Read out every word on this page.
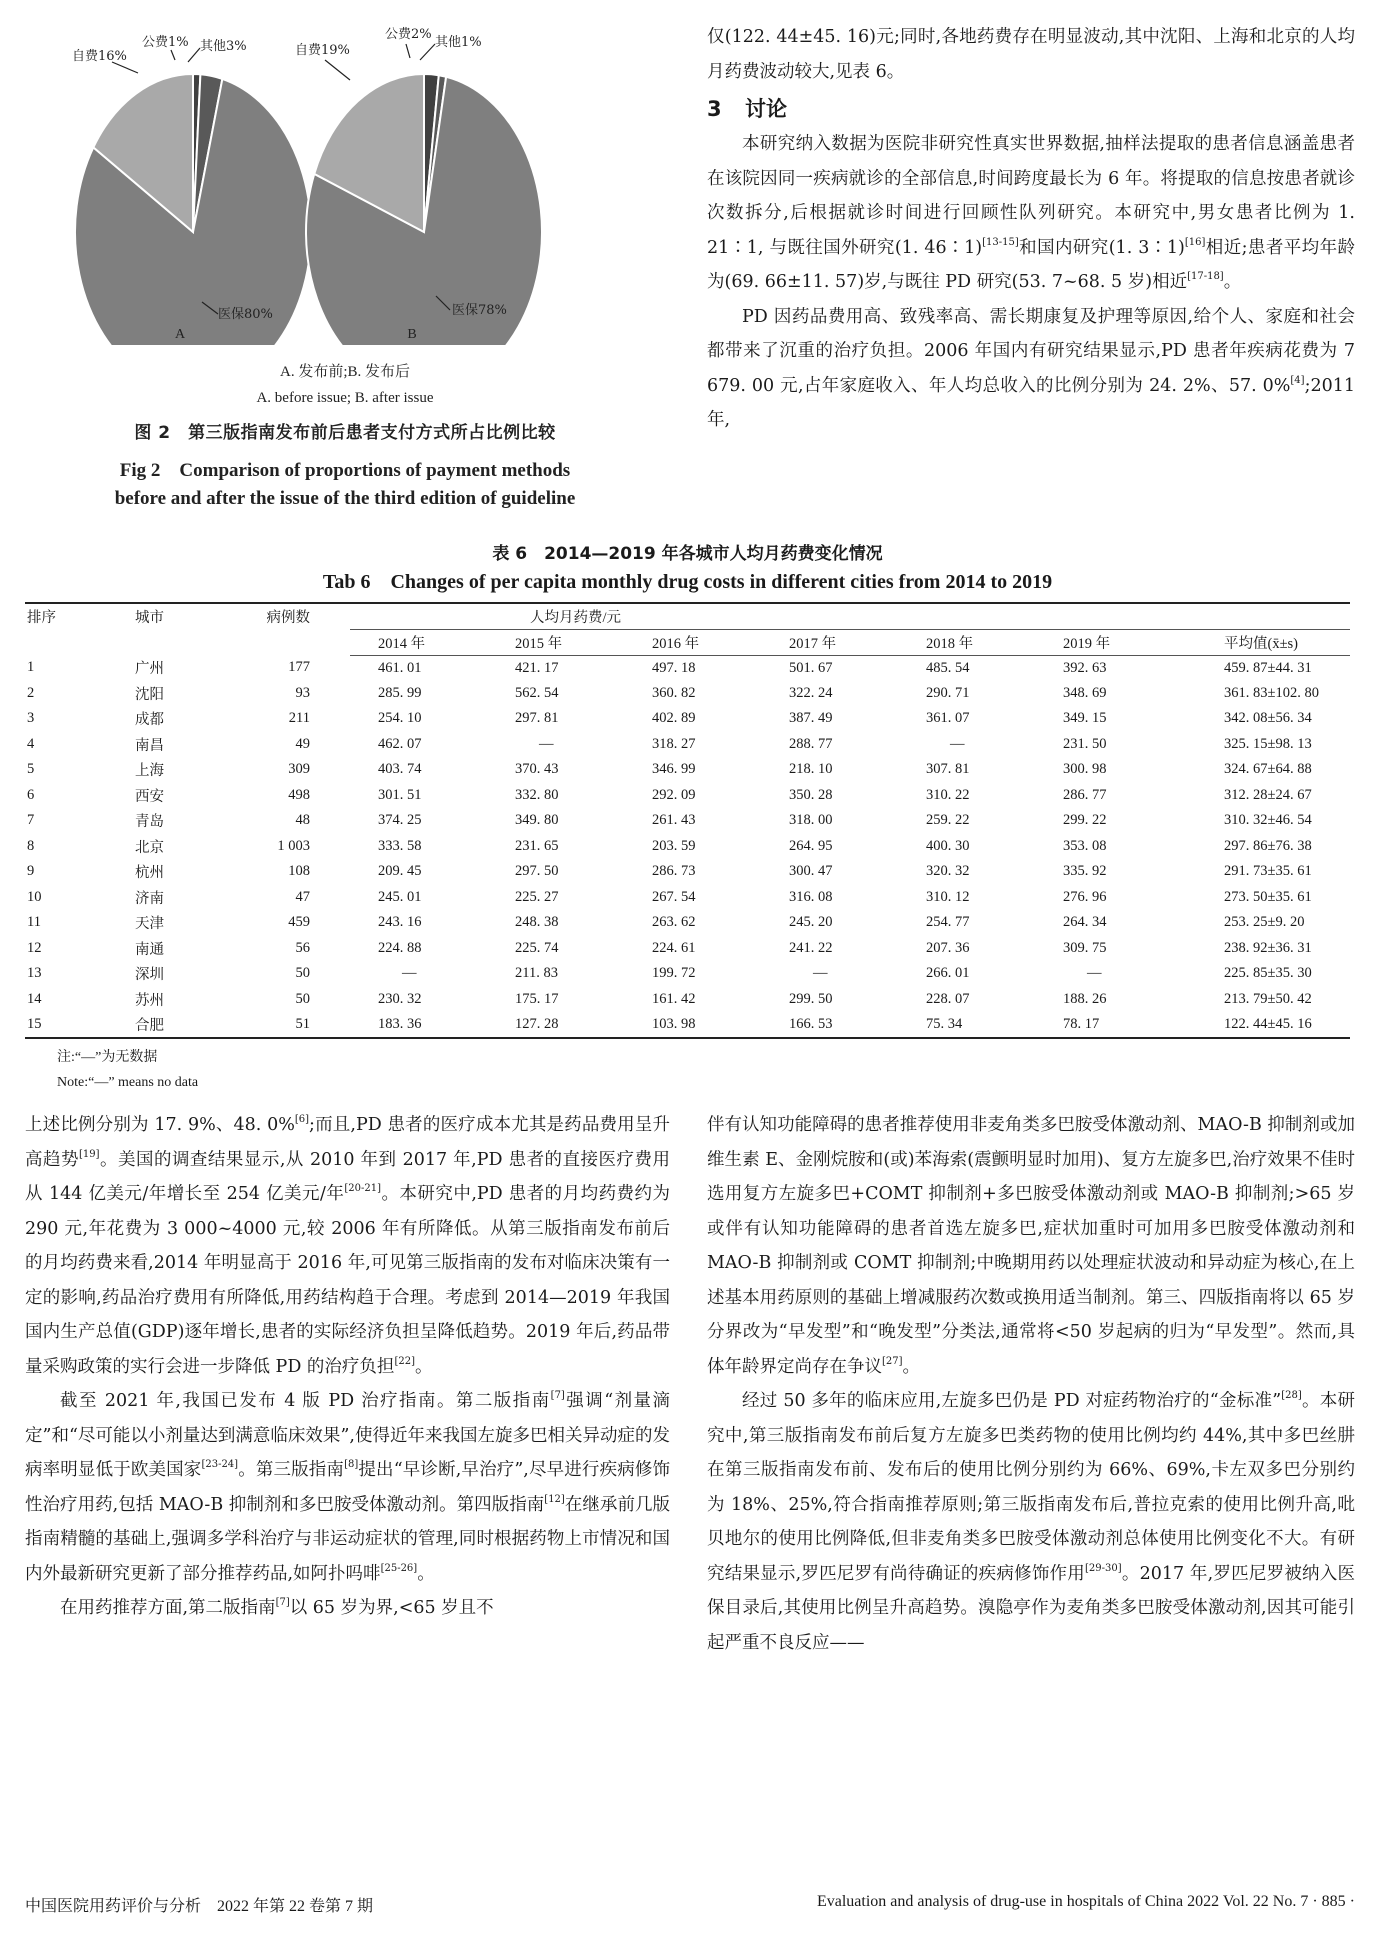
医保80%
自费16%
公费1% 其他3%
医保78%
自费19%
公费2%
其他1%
A	B
A. 发布前;B. 发布后
A. before issue; B. after issue
图 2　第三版指南发布前后患者支付方式所占比例比较
Fig 2　Comparison of proportions of payment methods
before and after the issue of the third edition of guideline

仅(122. 44±45. 16)元;同时,各地药费存在明显波动,其中沈阳、上海和北京的人均月药费波动较大,见表 6。

3 讨论

本研究纳入数据为医院非研究性真实世界数据,抽样法提取的患者信息涵盖患者在该院因同一疾病就诊的全部信息,时间跨度最长为 6 年。将提取的信息按患者就诊次数拆分,后根据就诊时间进行回顾性队列研究。本研究中,男女患者比例为 1. 21∶1, 与既往国外研究(1. 46∶1)[13-15]和国内研究(1. 3∶1)[16]相近;患者平均年龄为(69. 66±11. 57)岁,与既往 PD 研究(53. 7~68. 5 岁)相近[17-18]。

PD 因药品费用高、致残率高、需长期康复及护理等原因,给个人、家庭和社会都带来了沉重的治疗负担。2006 年国内有研究结果显示,PD 患者年疾病花费为 7 679. 00 元,占年家庭收入、年人均总收入的比例分别为 24. 2%、57. 0%[4];2011 年,

表 6　2014—2019 年各城市人均月药费变化情况
Tab 6　Changes of per capita monthly drug costs in different cities from 2014 to 2019
排序	城市	病例数		人均月药费/元						
				2014 年	2015 年	2016 年	2017 年	2018 年	2019 年	平均值(x̄±s)
1	广州	177		461. 01	421. 17	497. 18	501. 67	485. 54	392. 63	459. 87±44. 31
2	沈阳	93		285. 99	562. 54	360. 82	322. 24	290. 71	348. 69	361. 83±102. 80
3	成都	211		254. 10	297. 81	402. 89	387. 49	361. 07	349. 15	342. 08±56. 34
4	南昌	49		462. 07	—	318. 27	288. 77	—	231. 50	325. 15±98. 13
5	上海	309		403. 74	370. 43	346. 99	218. 10	307. 81	300. 98	324. 67±64. 88
6	西安	498		301. 51	332. 80	292. 09	350. 28	310. 22	286. 77	312. 28±24. 67
7	青岛	48		374. 25	349. 80	261. 43	318. 00	259. 22	299. 22	310. 32±46. 54
8	北京	1 003		333. 58	231. 65	203. 59	264. 95	400. 30	353. 08	297. 86±76. 38
9	杭州	108		209. 45	297. 50	286. 73	300. 47	320. 32	335. 92	291. 73±35. 61
10	济南	47		245. 01	225. 27	267. 54	316. 08	310. 12	276. 96	273. 50±35. 61
11	天津	459		243. 16	248. 38	263. 62	245. 20	254. 77	264. 34	253. 25±9. 20
12	南通	56		224. 88	225. 74	224. 61	241. 22	207. 36	309. 75	238. 92±36. 31
13	深圳	50		—	211. 83	199. 72	—	266. 01	—	225. 85±35. 30
14	苏州	50		230. 32	175. 17	161. 42	299. 50	228. 07	188. 26	213. 79±50. 42
15	合肥	51		183. 36	127. 28	103. 98	166. 53	75. 34	78. 17	122. 44±45. 16
注:“—”为无数据
Note:“—” means no data

上述比例分别为 17. 9%、48. 0%[6];而且,PD 患者的医疗成本尤其是药品费用呈升高趋势[19]。美国的调查结果显示,从 2010 年到 2017 年,PD 患者的直接医疗费用从 144 亿美元/年增长至 254 亿美元/年[20-21]。本研究中,PD 患者的月均药费约为 290 元,年花费为 3 000~4000 元,较 2006 年有所降低。从第三版指南发布前后的月均药费来看,2014 年明显高于 2016 年,可见第三版指南的发布对临床决策有一定的影响,药品治疗费用有所降低,用药结构趋于合理。考虑到 2014—2019 年我国国内生产总值(GDP)逐年增长,患者的实际经济负担呈降低趋势。2019 年后,药品带量采购政策的实行会进一步降低 PD 的治疗负担[22]。

截至 2021 年,我国已发布 4 版 PD 治疗指南。第二版指南[7]强调“剂量滴定”和“尽可能以小剂量达到满意临床效果”,使得近年来我国左旋多巴相关异动症的发病率明显低于欧美国家[23-24]。第三版指南[8]提出“早诊断,早治疗”,尽早进行疾病修饰性治疗用药,包括 MAO-B 抑制剂和多巴胺受体激动剂。第四版指南[12]在继承前几版指南精髓的基础上,强调多学科治疗与非运动症状的管理,同时根据药物上市情况和国内外最新研究更新了部分推荐药品,如阿扑吗啡[25-26]。

在用药推荐方面,第二版指南[7]以 65 岁为界,<65 岁且不

伴有认知功能障碍的患者推荐使用非麦角类多巴胺受体激动剂、MAO-B 抑制剂或加维生素 E、金刚烷胺和(或)苯海索(震颤明显时加用)、复方左旋多巴,治疗效果不佳时选用复方左旋多巴+COMT 抑制剂+多巴胺受体激动剂或 MAO-B 抑制剂;>65 岁或伴有认知功能障碍的患者首选左旋多巴,症状加重时可加用多巴胺受体激动剂和 MAO-B 抑制剂或 COMT 抑制剂;中晚期用药以处理症状波动和异动症为核心,在上述基本用药原则的基础上增减服药次数或换用适当制剂。第三、四版指南将以 65 岁分界改为“早发型”和“晚发型”分类法,通常将<50 岁起病的归为“早发型”。然而,具体年龄界定尚存在争议[27]。

经过 50 多年的临床应用,左旋多巴仍是 PD 对症药物治疗的“金标准”[28]。本研究中,第三版指南发布前后复方左旋多巴类药物的使用比例均约 44%,其中多巴丝肼在第三版指南发布前、发布后的使用比例分别约为 66%、69%,卡左双多巴分别约为 18%、25%,符合指南推荐原则;第三版指南发布后,普拉克索的使用比例升高,吡贝地尔的使用比例降低,但非麦角类多巴胺受体激动剂总体使用比例变化不大。有研究结果显示,罗匹尼罗有尚待确证的疾病修饰作用[29-30]。2017 年,罗匹尼罗被纳入医保目录后,其使用比例呈升高趋势。溴隐亭作为麦角类多巴胺受体激动剂,因其可能引起严重不良反应——

中国医院用药评价与分析　2022 年第 22 卷第 7 期	Evaluation and analysis of drug-use in hospitals of China 2022 Vol. 22 No. 7 · 885 ·
